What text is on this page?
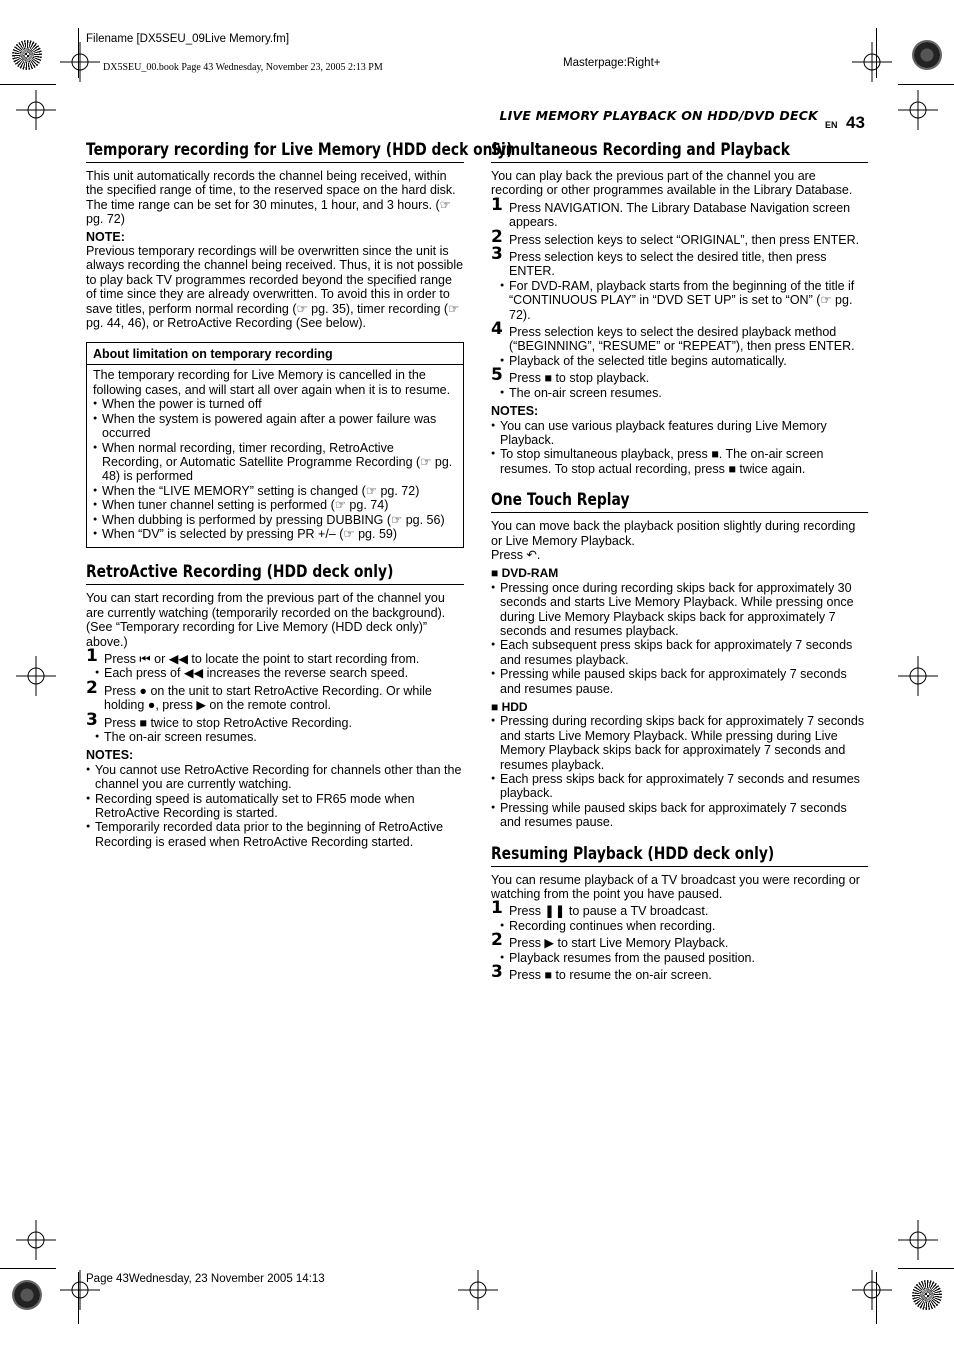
Filename [DX5SEU_09Live Memory.fm]
DX5SEU_00.book Page 43 Wednesday, November 23, 2005 2:13 PM	Masterpage:Right+
Page 43Wednesday, 23 November 2005 14:13
LIVE MEMORY PLAYBACK ON HDD/DVD DECK
EN 43
Temporary recording for Live Memory (HDD deck only)

This unit automatically records the channel being received, within the specified range of time, to the reserved space on the hard disk. The time range can be set for 30 minutes, 1 hour, and 3 hours. (☞ pg. 72)

NOTE:

Previous temporary recordings will be overwritten since the unit is always recording the channel being received. Thus, it is not possible to play back TV programmes recorded beyond the specified range of time since they are already overwritten. To avoid this in order to save titles, perform normal recording (☞ pg. 35), timer recording (☞ pg. 44, 46), or RetroActive Recording (See below).

About limitation on temporary recording

The temporary recording for Live Memory is cancelled in the following cases, and will start all over again when it is to resume.

● When the power is turned off
● When the system is powered again after a power failure was occurred
● When normal recording, timer recording, RetroActive Recording, or Automatic Satellite Programme Recording (☞ pg. 48) is performed
● When the “LIVE MEMORY” setting is changed (☞ pg. 72)
● When tuner channel setting is performed (☞ pg. 74)
● When dubbing is performed by pressing DUBBING (☞ pg. 56)
● When “DV” is selected by pressing PR +/– (☞ pg. 59)
RetroActive Recording (HDD deck only)

You can start recording from the previous part of the channel you are currently watching (temporarily recorded on the background). (See “Temporary recording for Live Memory (HDD deck only)” above.)

1 Press ⏮ or ◀◀ to locate the point to start recording from.
● Each press of ◀◀ increases the reverse search speed.
2 Press ● on the unit to start RetroActive Recording. Or while holding ●, press ▶ on the remote control.
3 Press ■ twice to stop RetroActive Recording.
● The on-air screen resumes.
NOTES:
● You cannot use RetroActive Recording for channels other than the channel you are currently watching.
● Recording speed is automatically set to FR65 mode when RetroActive Recording is started.
● Temporarily recorded data prior to the beginning of RetroActive Recording is erased when RetroActive Recording started.
Simultaneous Recording and Playback

You can play back the previous part of the channel you are recording or other programmes available in the Library Database.

1 Press NAVIGATION. The Library Database Navigation screen appears.
2 Press selection keys to select “ORIGINAL”, then press ENTER.
3 Press selection keys to select the desired title, then press ENTER.
● For DVD-RAM, playback starts from the beginning of the title if “CONTINUOUS PLAY” in “DVD SET UP” is set to “ON” (☞ pg. 72).
4 Press selection keys to select the desired playback method (“BEGINNING”, “RESUME” or “REPEAT”), then press ENTER.
● Playback of the selected title begins automatically.
5 Press ■ to stop playback.
● The on-air screen resumes.
NOTES:
● You can use various playback features during Live Memory Playback.
● To stop simultaneous playback, press ■. The on-air screen resumes. To stop actual recording, press ■ twice again.
One Touch Replay

You can move back the playback position slightly during recording or Live Memory Playback.

Press ↶.

■ DVD-RAM
● Pressing once during recording skips back for approximately 30 seconds and starts Live Memory Playback. While pressing once during Live Memory Playback skips back for approximately 7 seconds and resumes playback.
● Each subsequent press skips back for approximately 7 seconds and resumes playback.
● Pressing while paused skips back for approximately 7 seconds and resumes pause.
■ HDD
● Pressing during recording skips back for approximately 7 seconds and starts Live Memory Playback. While pressing during Live Memory Playback skips back for approximately 7 seconds and resumes playback.
● Each press skips back for approximately 7 seconds and resumes playback.
● Pressing while paused skips back for approximately 7 seconds and resumes pause.
Resuming Playback (HDD deck only)

You can resume playback of a TV broadcast you were recording or watching from the point you have paused.

1 Press ❚❚ to pause a TV broadcast.
● Recording continues when recording.
2 Press ▶ to start Live Memory Playback.
● Playback resumes from the paused position.
3 Press ■ to resume the on-air screen.
